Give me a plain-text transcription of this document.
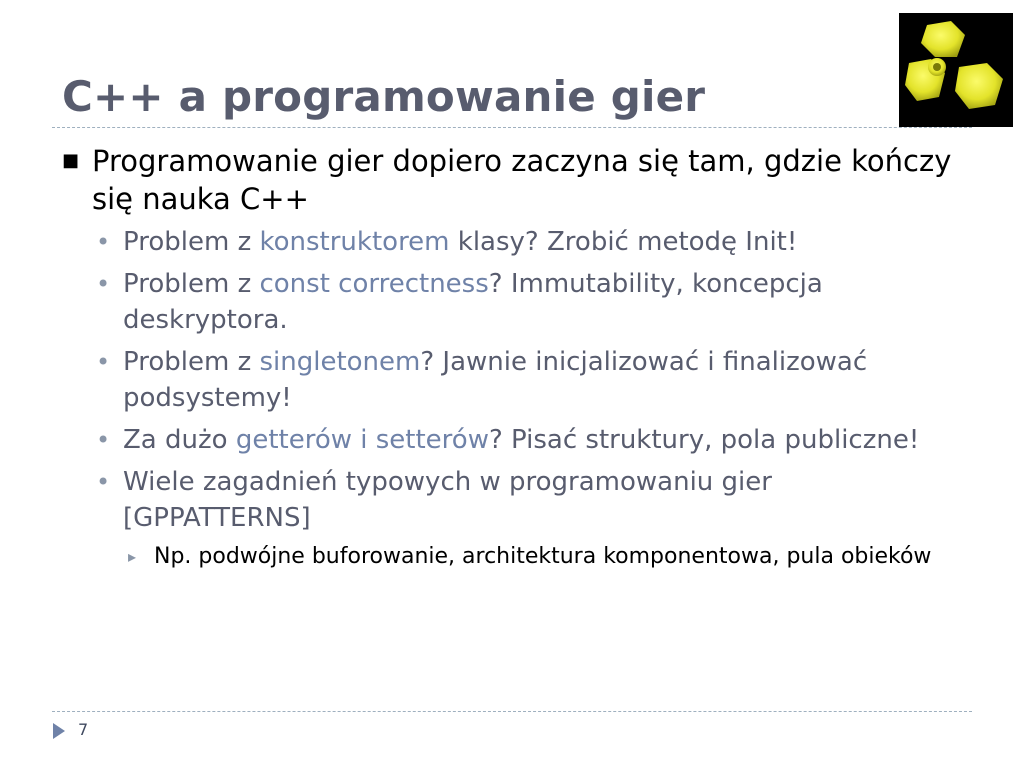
C++ a programowanie gier
■ Programowanie gier dopiero zaczyna się tam, gdzie kończy się nauka C++
• Problem z konstruktorem klasy? Zrobić metodę Init!
• Problem z const correctness? Immutability, koncepcja deskryptora.
• Problem z singletonem? Jawnie inicjalizować i finalizować podsystemy!
• Za dużo getterów i setterów? Pisać struktury, pola publiczne!
• Wiele zagadnień typowych w programowaniu gier [GPPATTERNS]
▸ Np. podwójne buforowanie, architektura komponentowa, pula obieków
7
